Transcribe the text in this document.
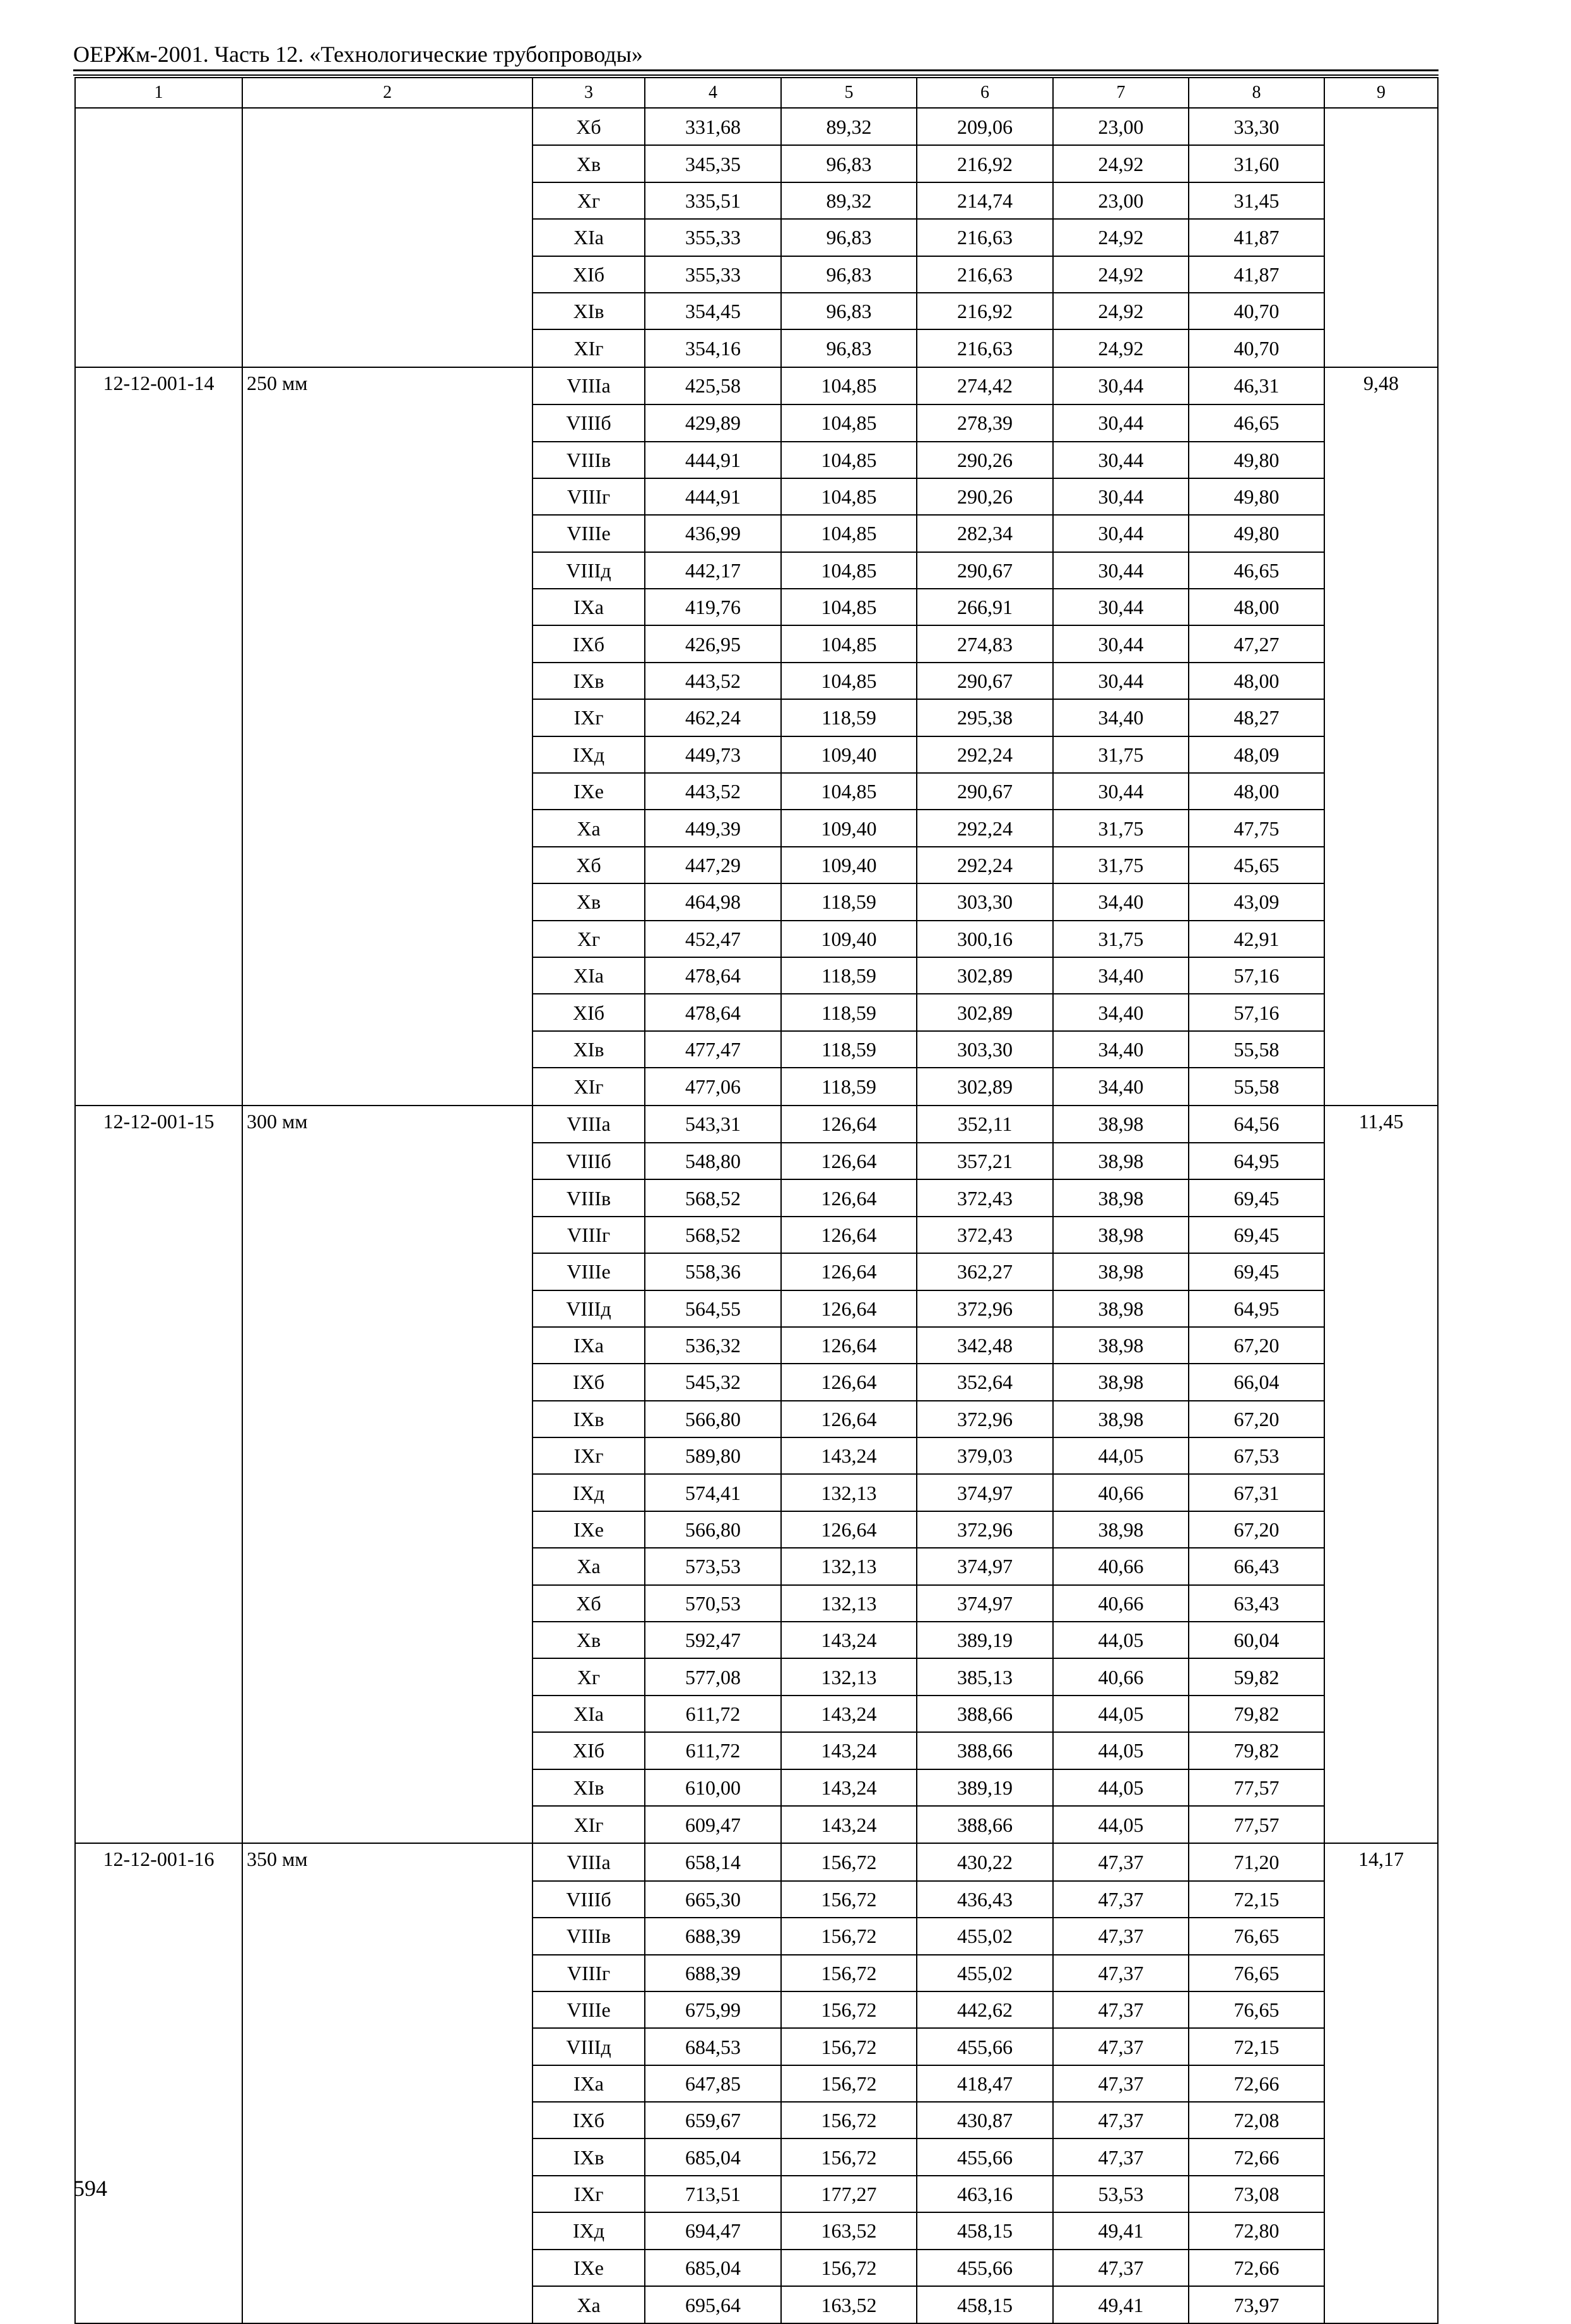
ОЕРЖм-2001. Часть 12. «Технологические трубопроводы»
1	2	3	4	5	6	7	8	9
		Xб	331,68	89,32	209,06	23,00	33,30	
		Xв	345,35	96,83	216,92	24,92	31,60	
		Xг	335,51	89,32	214,74	23,00	31,45	
		XIa	355,33	96,83	216,63	24,92	41,87	
		XIб	355,33	96,83	216,63	24,92	41,87	
		XIв	354,45	96,83	216,92	24,92	40,70	
		XIг	354,16	96,83	216,63	24,92	40,70	
12-12-001-14	250 мм	VIIIa	425,58	104,85	274,42	30,44	46,31	9,48
		VIIIб	429,89	104,85	278,39	30,44	46,65	
		VIIIв	444,91	104,85	290,26	30,44	49,80	
		VIIIг	444,91	104,85	290,26	30,44	49,80	
		VIIIe	436,99	104,85	282,34	30,44	49,80	
		VIIIд	442,17	104,85	290,67	30,44	46,65	
		IXa	419,76	104,85	266,91	30,44	48,00	
		IXб	426,95	104,85	274,83	30,44	47,27	
		IXв	443,52	104,85	290,67	30,44	48,00	
		IXг	462,24	118,59	295,38	34,40	48,27	
		IXд	449,73	109,40	292,24	31,75	48,09	
		IXe	443,52	104,85	290,67	30,44	48,00	
		Xa	449,39	109,40	292,24	31,75	47,75	
		Xб	447,29	109,40	292,24	31,75	45,65	
		Xв	464,98	118,59	303,30	34,40	43,09	
		Xг	452,47	109,40	300,16	31,75	42,91	
		XIa	478,64	118,59	302,89	34,40	57,16	
		XIб	478,64	118,59	302,89	34,40	57,16	
		XIв	477,47	118,59	303,30	34,40	55,58	
		XIг	477,06	118,59	302,89	34,40	55,58	
12-12-001-15	300 мм	VIIIa	543,31	126,64	352,11	38,98	64,56	11,45
		VIIIб	548,80	126,64	357,21	38,98	64,95	
		VIIIв	568,52	126,64	372,43	38,98	69,45	
		VIIIг	568,52	126,64	372,43	38,98	69,45	
		VIIIe	558,36	126,64	362,27	38,98	69,45	
		VIIIд	564,55	126,64	372,96	38,98	64,95	
		IXa	536,32	126,64	342,48	38,98	67,20	
		IXб	545,32	126,64	352,64	38,98	66,04	
		IXв	566,80	126,64	372,96	38,98	67,20	
		IXг	589,80	143,24	379,03	44,05	67,53	
		IXд	574,41	132,13	374,97	40,66	67,31	
		IXe	566,80	126,64	372,96	38,98	67,20	
		Xa	573,53	132,13	374,97	40,66	66,43	
		Xб	570,53	132,13	374,97	40,66	63,43	
		Xв	592,47	143,24	389,19	44,05	60,04	
		Xг	577,08	132,13	385,13	40,66	59,82	
		XIa	611,72	143,24	388,66	44,05	79,82	
		XIб	611,72	143,24	388,66	44,05	79,82	
		XIв	610,00	143,24	389,19	44,05	77,57	
		XIг	609,47	143,24	388,66	44,05	77,57	
12-12-001-16	350 мм	VIIIa	658,14	156,72	430,22	47,37	71,20	14,17
		VIIIб	665,30	156,72	436,43	47,37	72,15	
		VIIIв	688,39	156,72	455,02	47,37	76,65	
		VIIIг	688,39	156,72	455,02	47,37	76,65	
		VIIIe	675,99	156,72	442,62	47,37	76,65	
		VIIIд	684,53	156,72	455,66	47,37	72,15	
		IXa	647,85	156,72	418,47	47,37	72,66	
		IXб	659,67	156,72	430,87	47,37	72,08	
		IXв	685,04	156,72	455,66	47,37	72,66	
		IXг	713,51	177,27	463,16	53,53	73,08	
		IXд	694,47	163,52	458,15	49,41	72,80	
		IXe	685,04	156,72	455,66	47,37	72,66	
		Xa	695,64	163,52	458,15	49,41	73,97	
594
